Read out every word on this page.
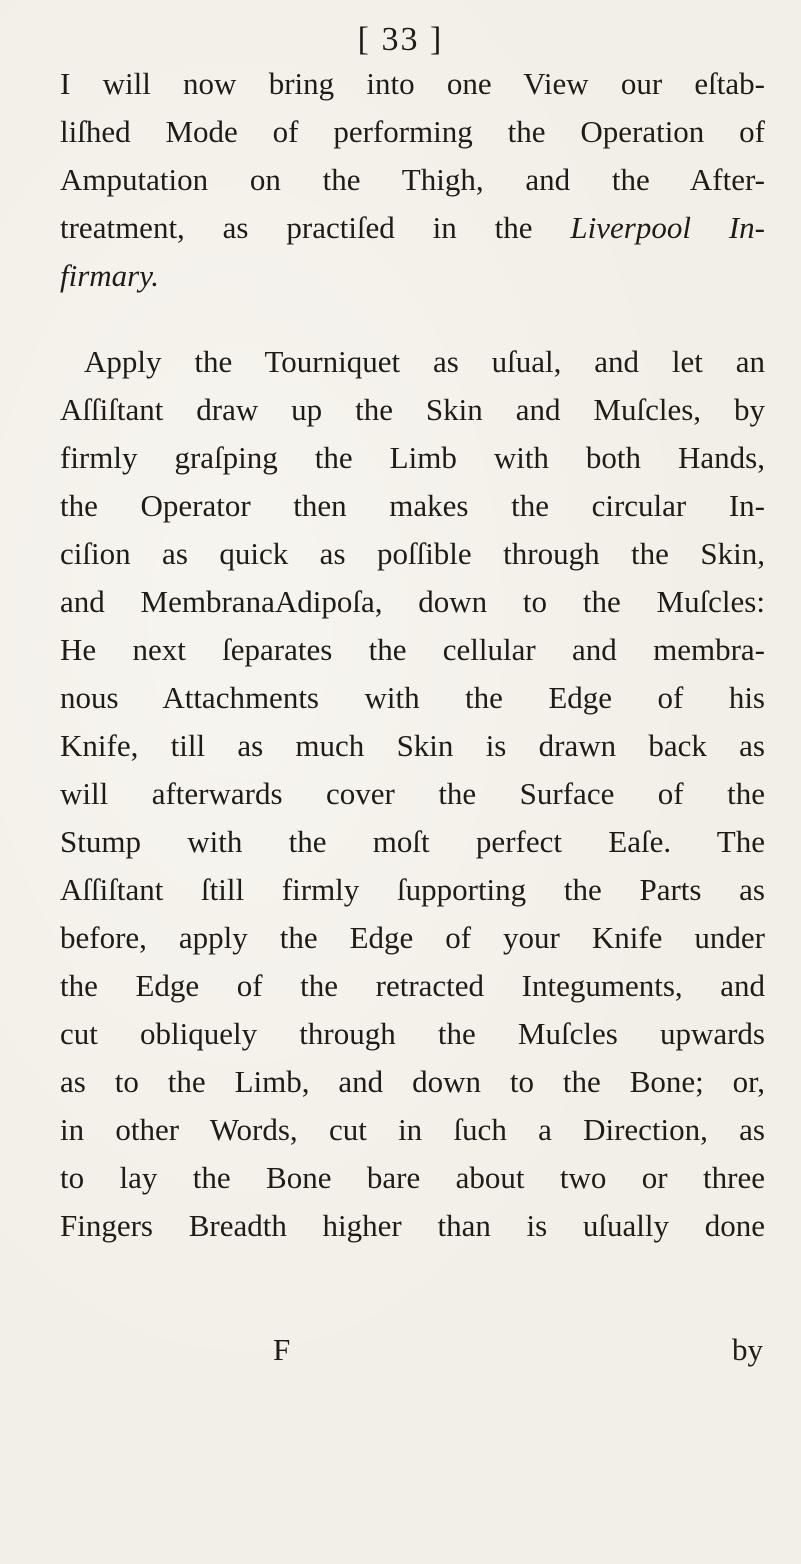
[ 33 ]
I will now bring into one View our eſtab-
liſhed Mode of performing the Operation of
Amputation on the Thigh, and the After-
treatment, as practiſed in the Liverpool In-
firmary.
Apply the Tourniquet as uſual, and let an
Aſſiſtant draw up the Skin and Muſcles, by
firmly graſping the Limb with both Hands,
the Operator then makes the circular In-
ciſion as quick as poſſible through the Skin,
and MembranaAdipoſa, down to the Muſcles:
He next ſeparates the cellular and membra-
nous Attachments with the Edge of his
Knife, till as much Skin is drawn back as
will afterwards cover the Surface of the
Stump with the moſt perfect Eaſe. The
Aſſiſtant ſtill firmly ſupporting the Parts as
before, apply the Edge of your Knife under
the Edge of the retracted Integuments, and
cut obliquely through the Muſcles upwards
as to the Limb, and down to the Bone; or,
in other Words, cut in ſuch a Direction, as
to lay the Bone bare about two or three
Fingers Breadth higher than is uſually done
F	by
